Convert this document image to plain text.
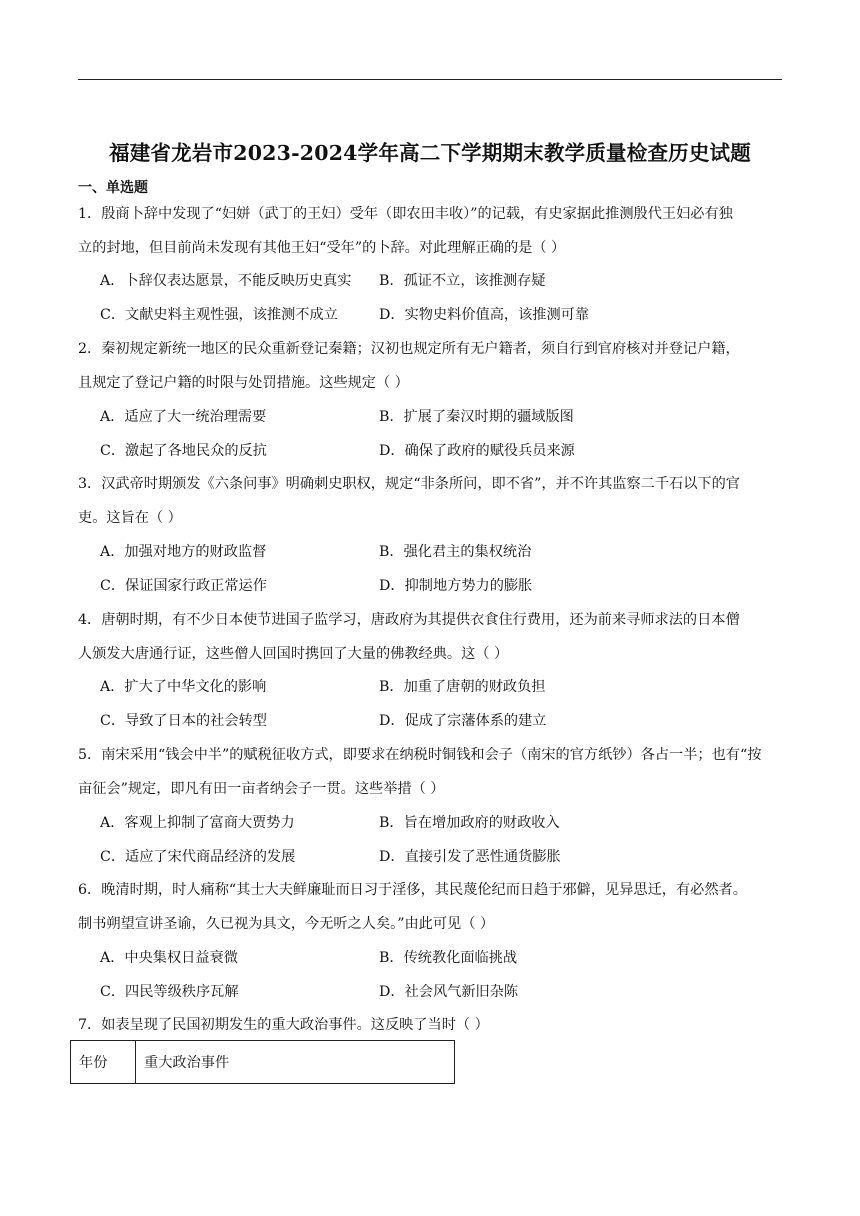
福建省龙岩市2023-2024学年高二下学期期末教学质量检查历史试题
一、单选题
1．殷商卜辞中发现了“妇姘（武丁的王妇）受年（即农田丰收）”的记载，有史家据此推测殷代王妇必有独
立的封地，但目前尚未发现有其他王妇“受年”的卜辞。对此理解正确的是（ ）
A．卜辞仅表达愿景，不能反映历史真实 B．孤证不立，该推测存疑
C．文献史料主观性强，该推测不成立	D．实物史料价值高，该推测可靠
2．秦初规定新统一地区的民众重新登记秦籍；汉初也规定所有无户籍者，须自行到官府核对并登记户籍，
且规定了登记户籍的时限与处罚措施。这些规定（ ）
A．适应了大一统治理需要	B．扩展了秦汉时期的疆域版图
C．激起了各地民众的反抗	D．确保了政府的赋役兵员来源
3．汉武帝时期颁发《六条问事》明确刺史职权，规定“非条所问，即不省”，并不许其监察二千石以下的官
吏。这旨在（ ）
A．加强对地方的财政监督	B．强化君主的集权统治
C．保证国家行政正常运作	D．抑制地方势力的膨胀
4．唐朝时期，有不少日本使节进国子监学习，唐政府为其提供衣食住行费用，还为前来寻师求法的日本僧
人颁发大唐通行证，这些僧人回国时携回了大量的佛教经典。这（ ）
A．扩大了中华文化的影响	B．加重了唐朝的财政负担
C．导致了日本的社会转型	D．促成了宗藩体系的建立
5．南宋采用“钱会中半”的赋税征收方式，即要求在纳税时铜钱和会子（南宋的官方纸钞）各占一半；也有“按
亩征会”规定，即凡有田一亩者纳会子一贯。这些举措（ ）
A．客观上抑制了富商大贾势力	B．旨在增加政府的财政收入
C．适应了宋代商品经济的发展	D．直接引发了恶性通货膨胀
6．晚清时期，时人痛称“其士大夫鲜廉耻而日习于淫侈，其民蔑伦纪而日趋于邪僻，见异思迁，有必然者。
制书朔望宣讲圣谕，久已视为具文，今无听之人矣。”由此可见（ ）
A．中央集权日益衰微	B．传统教化面临挑战
C．四民等级秩序瓦解	D．社会风气新旧杂陈
7．如表呈现了民国初期发生的重大政治事件。这反映了当时（ ）
年份	重大政治事件
